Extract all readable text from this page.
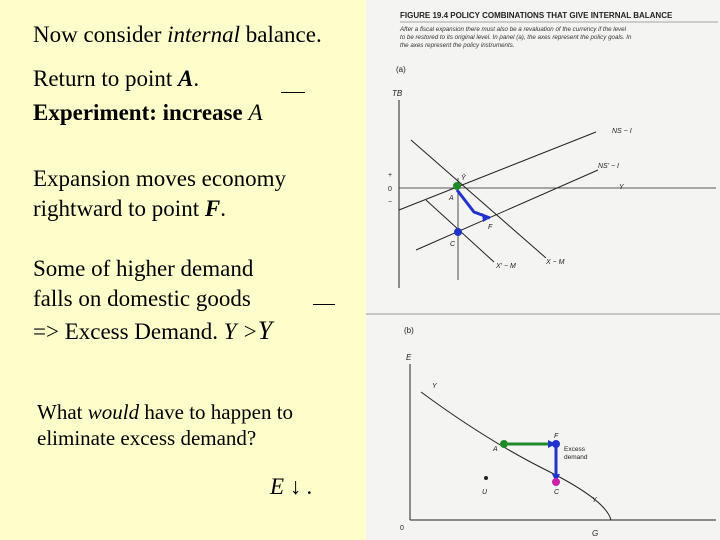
Now consider internal balance.
Return to point A.
Experiment: increase A
Expansion moves economy
rightward to point F.
Some of higher demand
falls on domestic goods
=> Excess Demand. Y >Y
What would have to happen to
eliminate excess demand?
E ↓ .
FIGURE 19.4 POLICY COMBINATIONS THAT GIVE INTERNAL BALANCE
After a fiscal expansion there must also be a revaluation of the currency if the level
to be restored to its original level. In panel (a), the axes represent the policy goals. In
the axes represent the policy instruments.
(a)
TB
+
0
−
Y
NS − I
NS' − I
X − M
X' − M
Ȳ
A
F
C
(b)
E
0
G
Y
Y
A
F
Excess
demand
U	C
